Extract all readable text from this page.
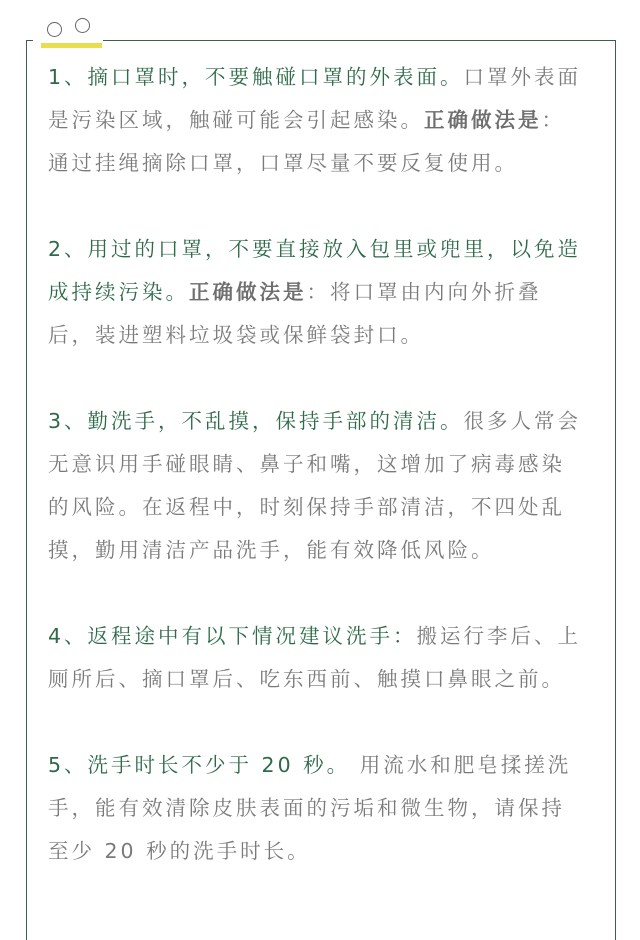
1、摘口罩时，不要触碰口罩的外表面。口罩外表面
是污染区域，触碰可能会引起感染。正确做法是：
通过挂绳摘除口罩，口罩尽量不要反复使用。
2、用过的口罩，不要直接放入包里或兜里，以免造
成持续污染。正确做法是：将口罩由内向外折叠
后，装进塑料垃圾袋或保鲜袋封口。
3、勤洗手，不乱摸，保持手部的清洁。很多人常会
无意识用手碰眼睛、鼻子和嘴，这增加了病毒感染
的风险。在返程中，时刻保持手部清洁，不四处乱
摸，勤用清洁产品洗手，能有效降低风险。
4、返程途中有以下情况建议洗手：搬运行李后、上
厕所后、摘口罩后、吃东西前、触摸口鼻眼之前。
5、洗手时长不少于 20 秒。 用流水和肥皂揉搓洗
手，能有效清除皮肤表面的污垢和微生物，请保持
至少 20 秒的洗手时长。
